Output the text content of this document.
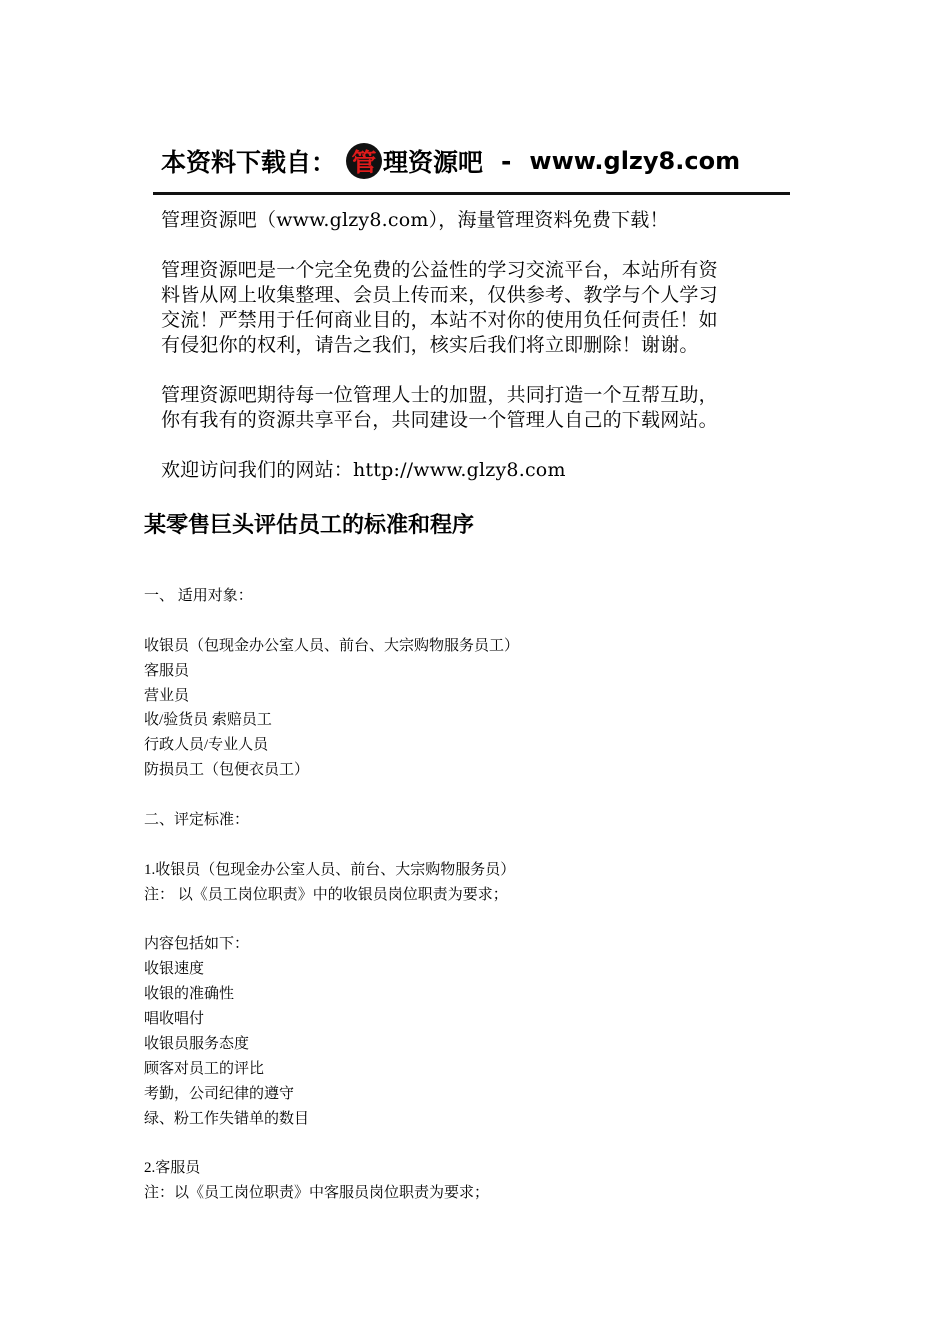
本资料下载自： 管 理资源吧 - www.glzy8.com

管理资源吧（www.glzy8.com），海量管理资料免费下载！

管理资源吧是一个完全免费的公益性的学习交流平台，本站所有资

料皆从网上收集整理、会员上传而来，仅供参考、教学与个人学习

交流！严禁用于任何商业目的，本站不对你的使用负任何责任！如

有侵犯你的权利，请告之我们，核实后我们将立即删除！谢谢。

管理资源吧期待每一位管理人士的加盟，共同打造一个互帮互助，

你有我有的资源共享平台，共同建设一个管理人自己的下载网站。

欢迎访问我们的网站：http://www.glzy8.com

某零售巨头评估员工的标准和程序
一、 适用对象：
收银员（包现金办公室人员、前台、大宗购物服务员工）
客服员
营业员
收/验货员 索赔员工
行政人员/专业人员
防损员工（包便衣员工）
二、评定标准：
1.收银员（包现金办公室人员、前台、大宗购物服务员）
注： 以《员工岗位职责》中的收银员岗位职责为要求；
内容包括如下：
收银速度
收银的准确性
唱收唱付
收银员服务态度
顾客对员工的评比
考勤，公司纪律的遵守
绿、粉工作失错单的数目
2.客服员
注：以《员工岗位职责》中客服员岗位职责为要求；
